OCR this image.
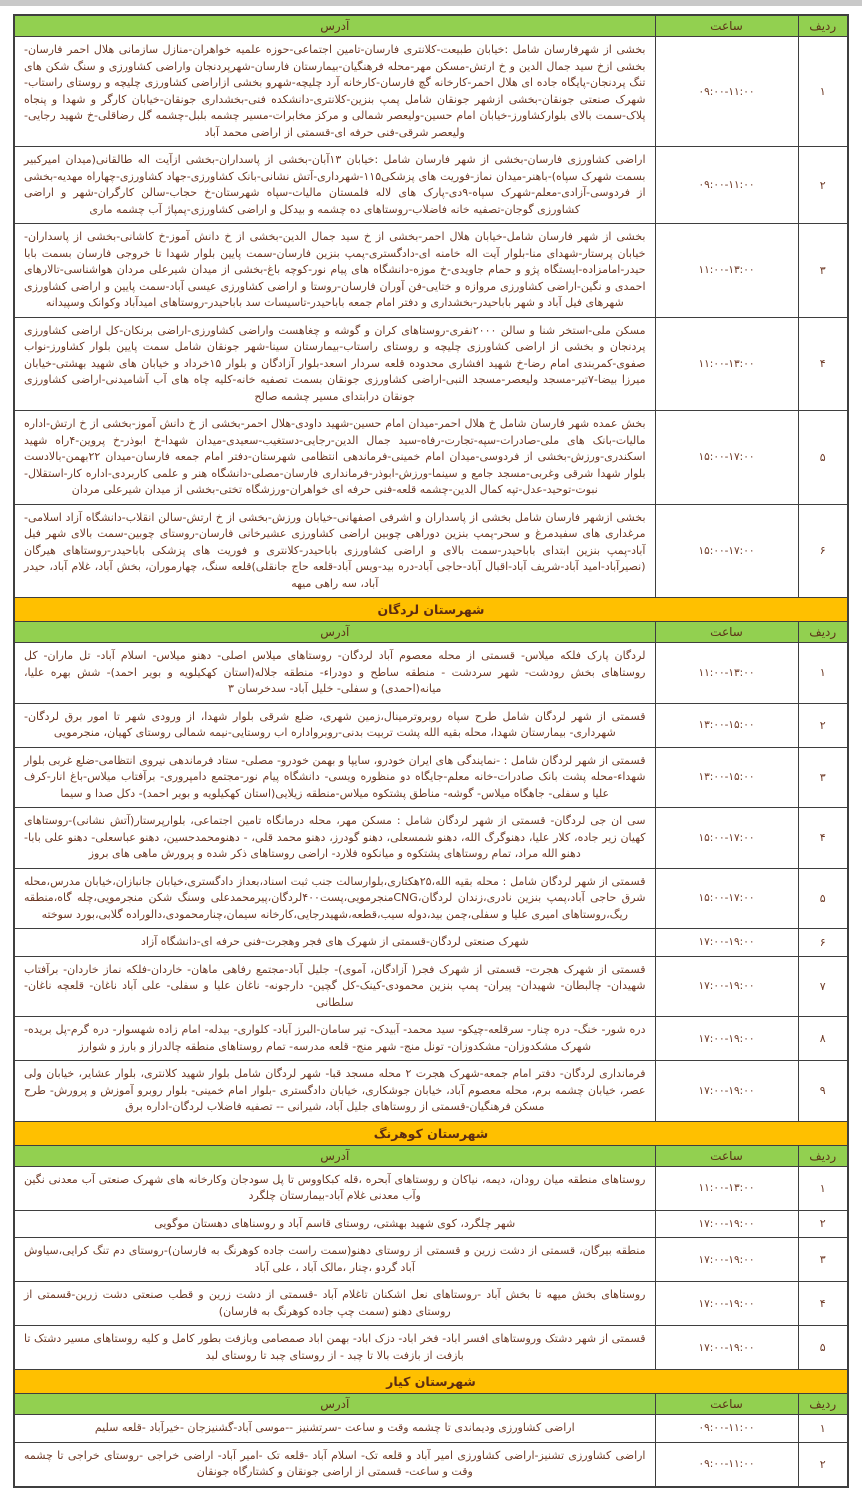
ردیف	ساعت	آدرس
۱	۰۹:۰۰-۱۱:۰۰	بخشی از شهرفارسان شامل :خیابان طبیعت-کلانتری فارسان-تامین اجتماعی-حوزه علمیه خواهران-منازل سازمانی هلال احمر فارسان-بخشی ازخ سید جمال الدین و خ ارتش-مسکن مهر-محله فرهنگیان-بیمارستان فارسان-شهرپردنجان واراضی کشاورزی و سنگ شکن های تنگ پردنجان-پایگاه جاده ای هلال احمر-کارخانه گچ فارسان-کارخانه آرد چلیچه-شهرو بخشی ازاراضی کشاورزی چلیچه و روستای راستاب- شهرک صنعتی جونقان-بخشی ازشهر جونقان شامل پمپ بنزین-کلانتری-دانشکده فنی-بخشداری جونقان-خیابان کارگر و شهدا و پنجاه پلاک-سمت بالای بلوارکشاورز-خیابان امام حسین-ولیعصر شمالی و مرکز مخابرات-مسیر چشمه بلبل-چشمه گل رضاقلی-خ شهید رجایی-ولیعصر شرقی-فنی حرفه ای-قسمتی از اراضی محمد آباد
۲	۰۹:۰۰-۱۱:۰۰	اراضی کشاورزی فارسان-بخشی از شهر فارسان شامل :خیابان ۱۳آبان-بخشی از پاسداران-بخشی ازآیت اله طالقانی(میدان امیرکبیر بسمت شهرک سپاه)-باهنر-میدان نماز-فوریت های پزشکی۱۱۵-شهرداری-آتش نشانی-بانک کشاورزی-جهاد کشاورزی-چهاراه مهدیه-بخشی از فردوسی-آزادی-معلم-شهرک سپاه-۹دی-پارک های لاله فلمستان مالیات-سپاه شهرستان-خ حجاب-سالن کارگران-شهر و اراضی کشاورزی گوجان-تصفیه خانه فاضلاب-روستاهای ده چشمه و بیدکل و اراضی کشاورزی-پمپاژ آب چشمه ماری
۳	۱۱:۰۰-۱۳:۰۰	بخشی از شهر فارسان شامل-خیابان هلال احمر-بخشی از خ سید جمال الدین-بخشی از خ دانش آموز-خ کاشانی-بخشی از پاسداران-خیابان پرستار-شهدای منا-بلوار آیت اله خامنه ای-دادگستری-پمپ بنزین فارسان-سمت پایین بلوار شهدا تا خروجی فارسان بسمت بابا حیدر-امامزاده-ایستگاه پژو و حمام جاویدی-خ موزه-دانشگاه های پیام نور-کوچه باغ-بخشی از میدان شیرعلی مردان هواشناسی-تالارهای احمدی و نگین-اراضی کشاورزی مروازه و ختایی-فن آوران فارسان-روستا و اراضی کشاورزی عیسی آباد-سمت پایین و اراضی کشاورزی شهرهای فیل آباد و شهر باباحیدر-بخشداری و دفتر امام جمعه باباحیدر-تاسیسات سد باباحیدر-روستاهای امیدآباد وکوانک وسپیدانه
۴	۱۱:۰۰-۱۳:۰۰	مسکن ملی-استخر شنا و سالن ۲۰۰۰نفری-روستاهای کران و گوشه و چغاهست واراضی کشاورزی-اراضی برنکان-کل اراضی کشاورزی پردنجان و بخشی از اراضی کشاورزی چلیچه و روستای راستاب-بیمارستان سینا-شهر جونقان شامل سمت پایین بلوار کشاورز-نواب صفوی-کمربندی امام رضا-خ شهید افشاری محدوده قلعه سردار اسعد-بلوار آزادگان و بلوار ۱۵خرداد و خیابان های شهید بهشتی-خیابان میرزا بیضا-۷تیر-مسجد ولیعصر-مسجد النبی-اراضی کشاورزی جونقان بسمت تصفیه خانه-کلیه چاه های آب آشامیدنی-اراضی کشاورزی جونقان درابتدای مسیر چشمه صالح
۵	۱۵:۰۰-۱۷:۰۰	بخش عمده شهر فارسان شامل خ هلال احمر-میدان امام حسین-شهید داودی-هلال احمر-بخشی از خ دانش آموز-بخشی از خ ارتش-اداره مالیات-بانک های ملی-صادرات-سپه-تجارت-رفاه-سید جمال الدین-رجایی-دستغیب-سعیدی-میدان شهدا-خ ابوذر-خ پروین-۴راه شهید اسکندری-ورزش-بخشی از فردوسی-میدان امام خمینی-فرماندهی انتظامی شهرستان-دفتر امام جمعه فارسان-میدان ۲۲بهمن-بالادست بلوار شهدا شرقی وغربی-مسجد جامع و سینما-ورزش-ابوذر-فرمانداری فارسان-مصلی-دانشگاه هنر و علمی کاربردی-اداره کار-استقلال-نبوت-توحید-عدل-تپه کمال الدین-چشمه قلعه-فنی حرفه ای خواهران-ورزشگاه تختی-بخشی از میدان شیرعلی مردان
۶	۱۵:۰۰-۱۷:۰۰	بخشی ازشهر فارسان شامل بخشی از پاسداران و اشرفی اصفهانی-خیابان ورزش-بخشی از خ ارتش-سالن انقلاب-دانشگاه آزاد اسلامی-مرغداری های سفیدمرغ و سحر-پمپ بنزین دوراهی چوبین اراضی کشاورزی عشیرخانی فارسان-روستای چوبین-سمت بالای شهر فیل آباد-پمپ بنزین ابتدای باباحیدر-سمت بالای و اراضی کشاورزی باباحیدر-کلانتری و فوریت های پزشکی باباحیدر-روستاهای هیرگان (نصیرآباد-امید آباد-شریف آباد-اقبال آباد-حاجی آباد-دره بید-ویس آباد-قلعه حاج جانقلی)قلعه سنگ، چهارموران، بخش آباد، غلام آباد، حیدر آباد، سه راهی میهه
شهرستان لردگان		
ردیف	ساعت	آدرس
۱	۱۱:۰۰-۱۳:۰۰	لردگان پارک فلکه میلاس- قسمتی از محله معصوم آباد لردگان- روستاهای میلاس اصلی- دهنو میلاس- اسلام آباد- تل ماران- کل روستاهای بخش رودشت- شهر سردشت - منطقه ساطح و دودراء- منطقه جلاله(استان کهکیلویه و بویر احمد)- شش بهره علیا، میانه(احمدی) و سفلی- خلیل آباد- سدخرسان ۳
۲	۱۳:۰۰-۱۵:۰۰	قسمتی از شهر لردگان شامل طرح سپاه روبروترمینال،زمین شهری، ضلع شرقی بلوار شهدا، از ورودی شهر تا امور برق لردگان- شهرداری- بیمارستان شهدا، محله بقیه الله پشت تربیت بدنی-روبرواداره اب روستایی-نیمه شمالی روستای کهیان، منجرمویی
۳	۱۳:۰۰-۱۵:۰۰	قسمتی از شهر لردگان شامل : -نمایندگی های ایران خودرو، سایپا و بهمن خودرو- مصلی- ستاد فرماندهی نیروی انتظامی-ضلع غربی بلوار شهداء-محله پشت بانک صادرات-خانه معلم-جایگاه دو منظوره ویسی- دانشگاه پیام نور-مجتمع دامپروری- برآفتاب میلاس-باغ انار-کرف علیا و سفلی- جاهگاه میلاس- گوشه- مناطق پشتکوه میلاس-منطقه زیلایی(استان کهکیلویه و بویر احمد)- دکل صدا و سیما
۴	۱۵:۰۰-۱۷:۰۰	سی ان جی لردگان- قسمتی از شهر لردگان شامل : مسکن مهر، محله درمانگاه تامین اجتماعی، بلوارپرستار(آتش نشانی)-روستاهای کهیان زیر جاده، کلار علیا، دهنوگرگ الله، دهنو شمسعلی، دهنو گودرز، دهنو محمد قلی، - دهنومحمدحسین، دهنو عباسعلی- دهنو علی بابا- دهنو الله مراد، تمام روستاهای پشتکوه و میانکوه فلارد- اراضی روستاهای ذکر شده و پرورش ماهی های بروز
۵	۱۵:۰۰-۱۷:۰۰	قسمتی از شهر لردگان شامل : محله بقیه الله،۲۵هکتاری،بلوارسالت جنب ثبت اسناد،بعداز دادگستری،خیابان جانبازان،خیابان مدرس،محله شرق حاجی آباد،پمپ بنزین نادری،زندان لردگان،CNGمنجرمویی،پست۴۰۰لردگان،پیرمحمدعلی وسنگ شکن منجرمویی،چله گاه،منطقه ریگ،روستاهای امیری علیا و سفلی،چمن بید،دوله سیب،قطعه،شهیدرجایی،کارخانه سیمان،چنارمحمودی،دالوراده گلابی،بورد سوخته
۶	۱۷:۰۰-۱۹:۰۰	شهرک صنعتی لردگان-قسمتی از شهرک های فجر وهجرت-فنی حرفه ای-دانشگاه آزاد
۷	۱۷:۰۰-۱۹:۰۰	قسمتی از شهرک هجرت- قسمتی از شهرک فجر( آزادگان، آموی)- جلیل آباد-مجتمع رفاهی ماهان- خاردان-فلکه نماز خاردان- برآفتاب شهیدان- چالبطان- شهیدان- پیران- پمپ بنزین محمودی-کینک-کل گچین- دارجونه- ناغان علیا و سفلی- علی آباد ناغان- قلعچه ناغان- سلطانی
۸	۱۷:۰۰-۱۹:۰۰	دره شور- خنگ- دره چنار- سرقلعه-چیکو- سید محمد- آبیدک- تیر سامان-البرز آباد- کلواری- بیدله- امام زاده شهسوار- دره گرم-پل بریده- شهرک مشکدوزان- مشکدوزان- تونل منج- شهر منج- قلعه مدرسه- تمام روستاهای منطقه چالدراز و بارز و شوارز
۹	۱۷:۰۰-۱۹:۰۰	فرمانداری لردگان- دفتر امام جمعه-شهرک هجرت ۲ محله مسجد قبا- شهر لردگان شامل بلوار شهید کلانتری، بلوار عشایر، خیابان ولی عصر، خیابان چشمه برم، محله معصوم آباد، خیابان جوشکاری، خیابان دادگستری -بلوار امام خمینی- بلوار روبرو آموزش و پرورش- طرح مسکن فرهنگیان-قسمتی از روستاهای جلیل آباد، شیرانی -- تصفیه فاضلاب لردگان-اداره برق
شهرستان کوهرنگ		
ردیف	ساعت	آدرس
۱	۱۱:۰۰-۱۳:۰۰	روستاهای منطقه میان رودان، دیمه، نیاکان و روستاهای آبحره ،قله کبکاووس تا پل سودجان وکارخانه های شهرک صنعتی آب معدنی نگین وآب معدنی غلام آباد-بیمارستان چلگرد
۲	۱۷:۰۰-۱۹:۰۰	شهر چلگرد، کوی شهید بهشتی، روستای قاسم آباد و روسناهای دهستان موگویی
۳	۱۷:۰۰-۱۹:۰۰	منطقه بیرگان، قسمتی از دشت زرین و قسمتی از روستای دهنو(سمت راست جاده کوهرنگ به فارسان)-روستای دم تنگ کرایی،سیاوش آباد گردو ،چنار ،مالک آباد ، علی آباد
۴	۱۷:۰۰-۱۹:۰۰	روستاهای بخش میهه تا بخش آباد -روستاهای نعل اشکنان تاغلام آباد -قسمتی از دشت زرین و قطب صنعتی دشت زرین-قسمتی از روستای دهنو (سمت چپ جاده کوهرنگ به فارسان)
۵	۱۷:۰۰-۱۹:۰۰	قسمتی از شهر دشتک وروستاهای افسر اباد- فخر اباد- دزک اباد- بهمن اباد صمصامی وبازفت بطور کامل و کلیه روستاهای مسیر دشتک تا بازفت از بازفت بالا تا چبد - از روستای چبد تا روستای لبد
شهرستان کیار		
ردیف	ساعت	آدرس
۱	۰۹:۰۰-۱۱:۰۰	اراضی کشاورزی ودیماندی تا چشمه وقت و ساعت -سرتشنیز --موسی آباد-گشنیزجان -خیرآباد -قلعه سلیم
۲	۰۹:۰۰-۱۱:۰۰	اراضی کشاورزی تشنیز-اراضی کشاورزی امیر آباد و قلعه تک- اسلام آباد -قلعه تک -امیر آباد- اراضی خراجی -روستای خراجی تا چشمه وقت و ساعت- قسمتی از اراضی جونقان و کشتارگاه جونقان
